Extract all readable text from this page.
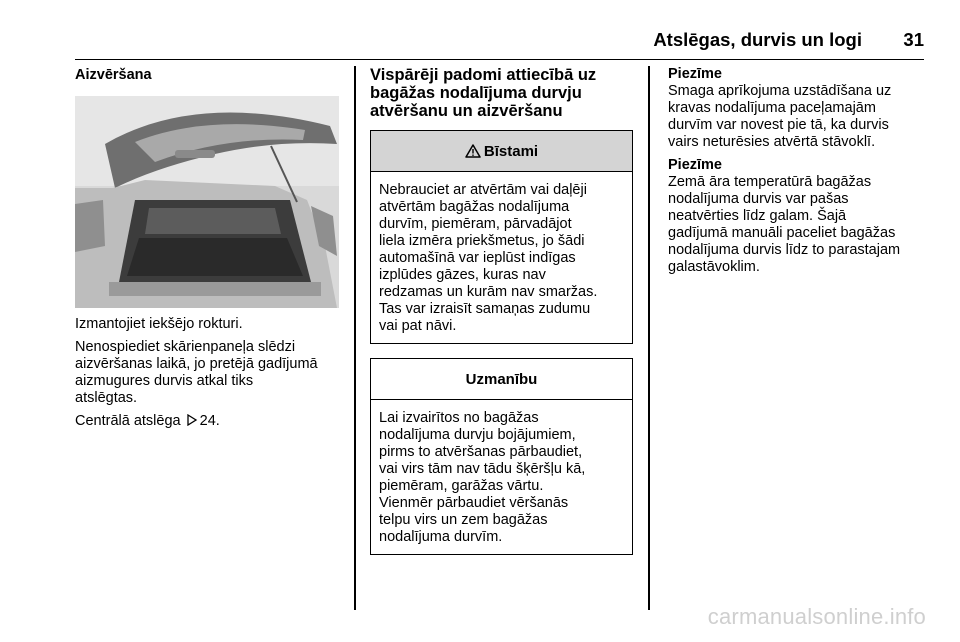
Atslēgas, durvis un logi 31

Aizvēršana

Izmantojiet iekšējo rokturi.

Nenospiediet skārienpaneļa slēdzi
aizvēršanas laikā, jo pretējā gadījumā
aizmugures durvis atkal tiks
atslēgtas.

Centrālā atslēga 24.

Vispārēji padomi attiecībā uz
bagāžas nodalījuma durvju
atvēršanu un aizvēršanu

Bīstami
Nebrauciet ar atvērtām vai daļēji
atvērtām bagāžas nodalījuma
durvīm, piemēram, pārvadājot
liela izmēra priekšmetus, jo šādi
automašīnā var ieplūst indīgas
izplūdes gāzes, kuras nav
redzamas un kurām nav smaržas.
Tas var izraisīt samaņas zudumu
vai pat nāvi.
Uzmanību
Lai izvairītos no bagāžas
nodalījuma durvju bojājumiem,
pirms to atvēršanas pārbaudiet,
vai virs tām nav tādu šķēršļu kā,
piemēram, garāžas vārtu.
Vienmēr pārbaudiet vēršanās
telpu virs un zem bagāžas
nodalījuma durvīm.

Piezīme

Smaga aprīkojuma uzstādīšana uz
kravas nodalījuma paceļamajām
durvīm var novest pie tā, ka durvis
vairs neturēsies atvērtā stāvoklī.

Piezīme

Zemā āra temperatūrā bagāžas
nodalījuma durvis var pašas
neatvērties līdz galam. Šajā
gadījumā manuāli paceliet bagāžas
nodalījuma durvis līdz to parastajam
galastāvoklim.

carmanualsonline.info
